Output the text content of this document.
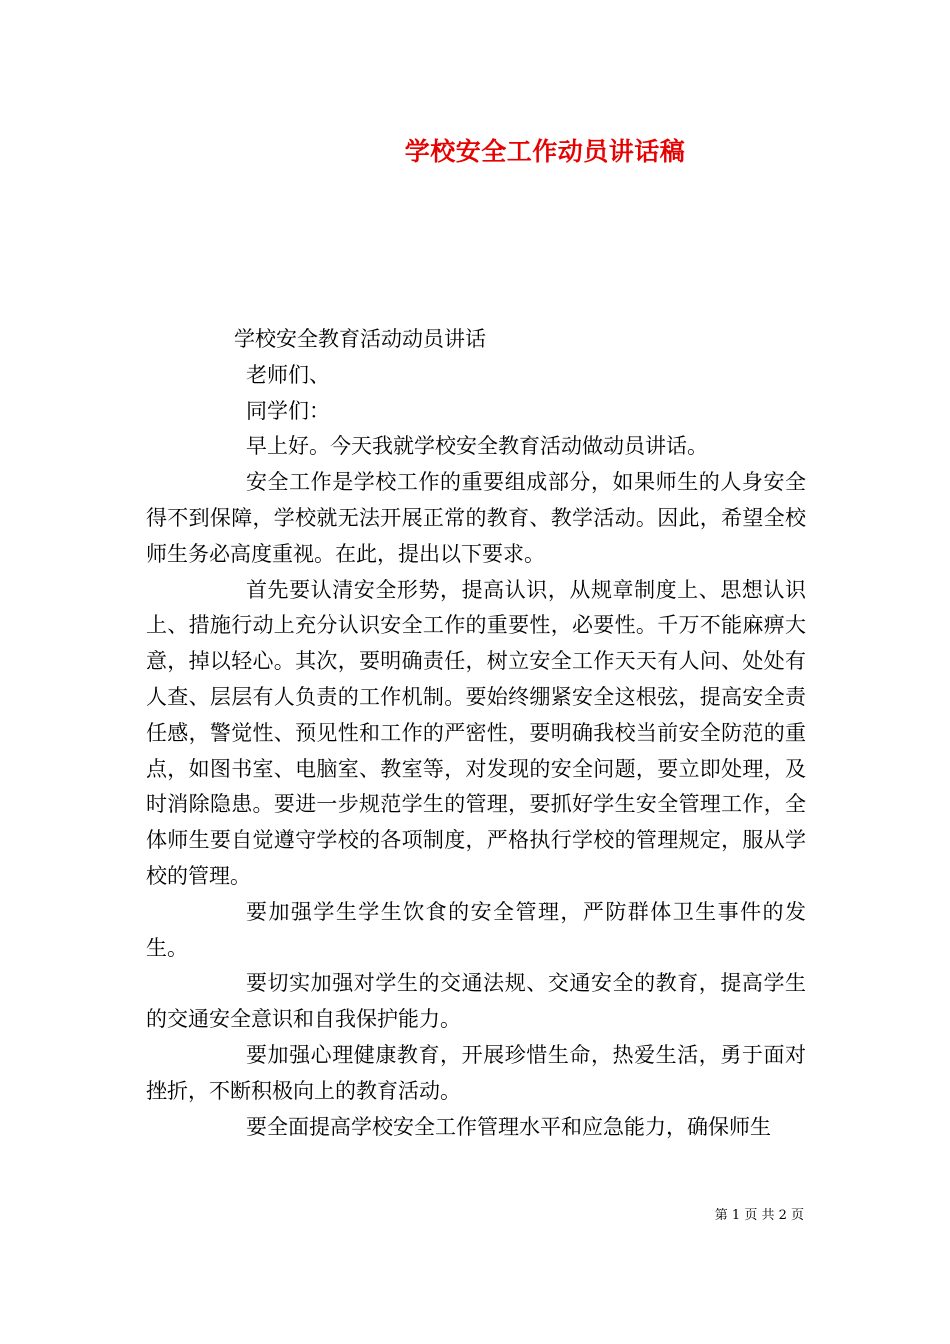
学校安全工作动员讲话稿

学校安全教育活动动员讲话

老师们、

同学们：

早上好。今天我就学校安全教育活动做动员讲话。

安全工作是学校工作的重要组成部分，如果师生的人身安全得不到保障，学校就无法开展正常的教育、教学活动。因此，希望全校师生务必高度重视。在此，提出以下要求。

首先要认清安全形势，提高认识，从规章制度上、思想认识上、措施行动上充分认识安全工作的重要性，必要性。千万不能麻痹大意，掉以轻心。其次，要明确责任，树立安全工作天天有人问、处处有人查、层层有人负责的工作机制。要始终绷紧安全这根弦，提高安全责任感，警觉性、预见性和工作的严密性，要明确我校当前安全防范的重点，如图书室、电脑室、教室等，对发现的安全问题，要立即处理，及时消除隐患。要进一步规范学生的管理，要抓好学生安全管理工作，全体师生要自觉遵守学校的各项制度，严格执行学校的管理规定，服从学校的管理。

要加强学生学生饮食的安全管理，严防群体卫生事件的发生。

要切实加强对学生的交通法规、交通安全的教育，提高学生的交通安全意识和自我保护能力。

要加强心理健康教育，开展珍惜生命，热爱生活，勇于面对挫折，不断积极向上的教育活动。

要全面提高学校安全工作管理水平和应急能力，确保师生

第 1 页 共 2 页
